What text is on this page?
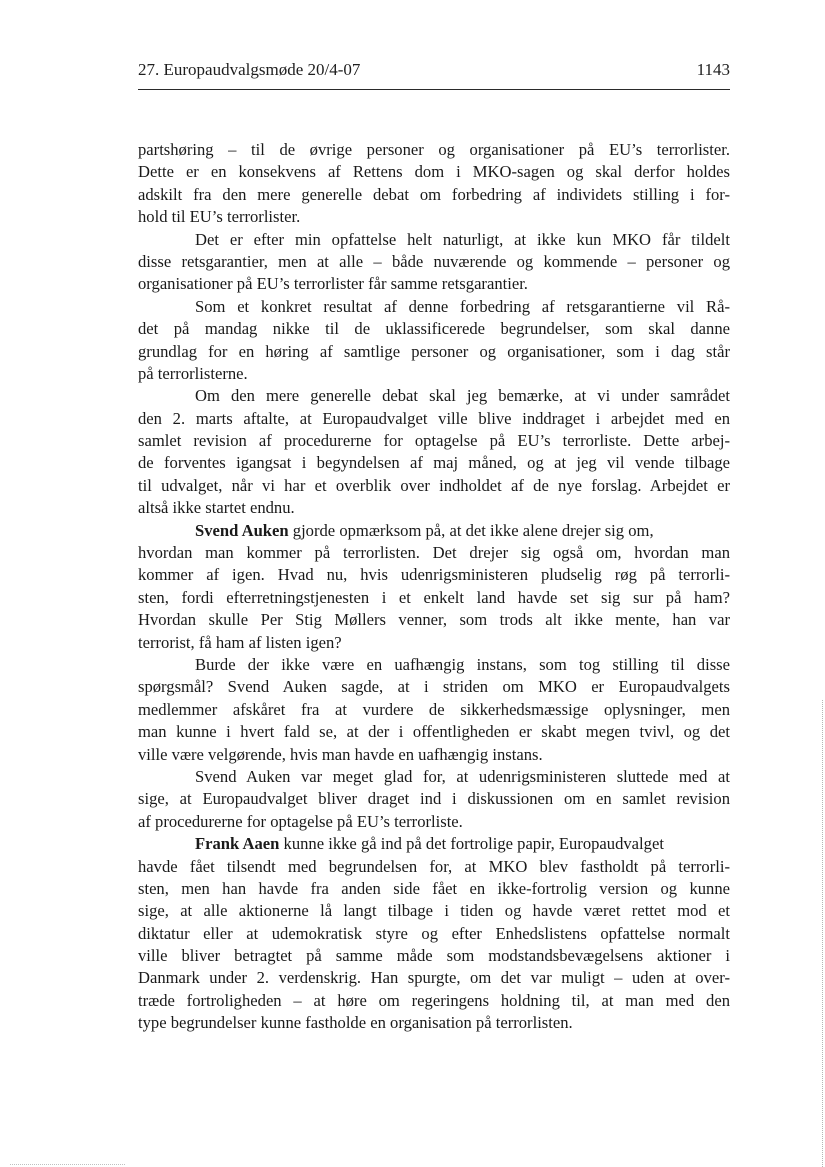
27. Europaudvalgsmøde 20/4-07	1143
partshøring – til de øvrige personer og organisationer på EU’s terrorlister.
Dette er en konsekvens af Rettens dom i MKO-sagen og skal derfor holdes
adskilt fra den mere generelle debat om forbedring af individets stilling i for-
hold til EU’s terrorlister.
Det er efter min opfattelse helt naturligt, at ikke kun MKO får tildelt
disse retsgarantier, men at alle – både nuværende og kommende – personer og
organisationer på EU’s terrorlister får samme retsgarantier.
Som et konkret resultat af denne forbedring af retsgarantierne vil Rå-
det på mandag nikke til de uklassificerede begrundelser, som skal danne
grundlag for en høring af samtlige personer og organisationer, som i dag står
på terrorlisterne.
Om den mere generelle debat skal jeg bemærke, at vi under samrådet
den 2. marts aftalte, at Europaudvalget ville blive inddraget i arbejdet med en
samlet revision af procedurerne for optagelse på EU’s terrorliste. Dette arbej-
de forventes igangsat i begyndelsen af maj måned, og at jeg vil vende tilbage
til udvalget, når vi har et overblik over indholdet af de nye forslag. Arbejdet er
altså ikke startet endnu.
Svend Auken gjorde opmærksom på, at det ikke alene drejer sig om,
hvordan man kommer på terrorlisten. Det drejer sig også om, hvordan man
kommer af igen. Hvad nu, hvis udenrigsministeren pludselig røg på terrorli-
sten, fordi efterretningstjenesten i et enkelt land havde set sig sur på ham?
Hvordan skulle Per Stig Møllers venner, som trods alt ikke mente, han var
terrorist, få ham af listen igen?
Burde der ikke være en uafhængig instans, som tog stilling til disse
spørgsmål? Svend Auken sagde, at i striden om MKO er Europaudvalgets
medlemmer afskåret fra at vurdere de sikkerhedsmæssige oplysninger, men
man kunne i hvert fald se, at der i offentligheden er skabt megen tvivl, og det
ville være velgørende, hvis man havde en uafhængig instans.
Svend Auken var meget glad for, at udenrigsministeren sluttede med at
sige, at Europaudvalget bliver draget ind i diskussionen om en samlet revision
af procedurerne for optagelse på EU’s terrorliste.
Frank Aaen kunne ikke gå ind på det fortrolige papir, Europaudvalget
havde fået tilsendt med begrundelsen for, at MKO blev fastholdt på terrorli-
sten, men han havde fra anden side fået en ikke-fortrolig version og kunne
sige, at alle aktionerne lå langt tilbage i tiden og havde været rettet mod et
diktatur eller at udemokratisk styre og efter Enhedslistens opfattelse normalt
ville bliver betragtet på samme måde som modstandsbevægelsens aktioner i
Danmark under 2. verdenskrig. Han spurgte, om det var muligt – uden at over-
træde fortroligheden – at høre om regeringens holdning til, at man med den
type begrundelser kunne fastholde en organisation på terrorlisten.
